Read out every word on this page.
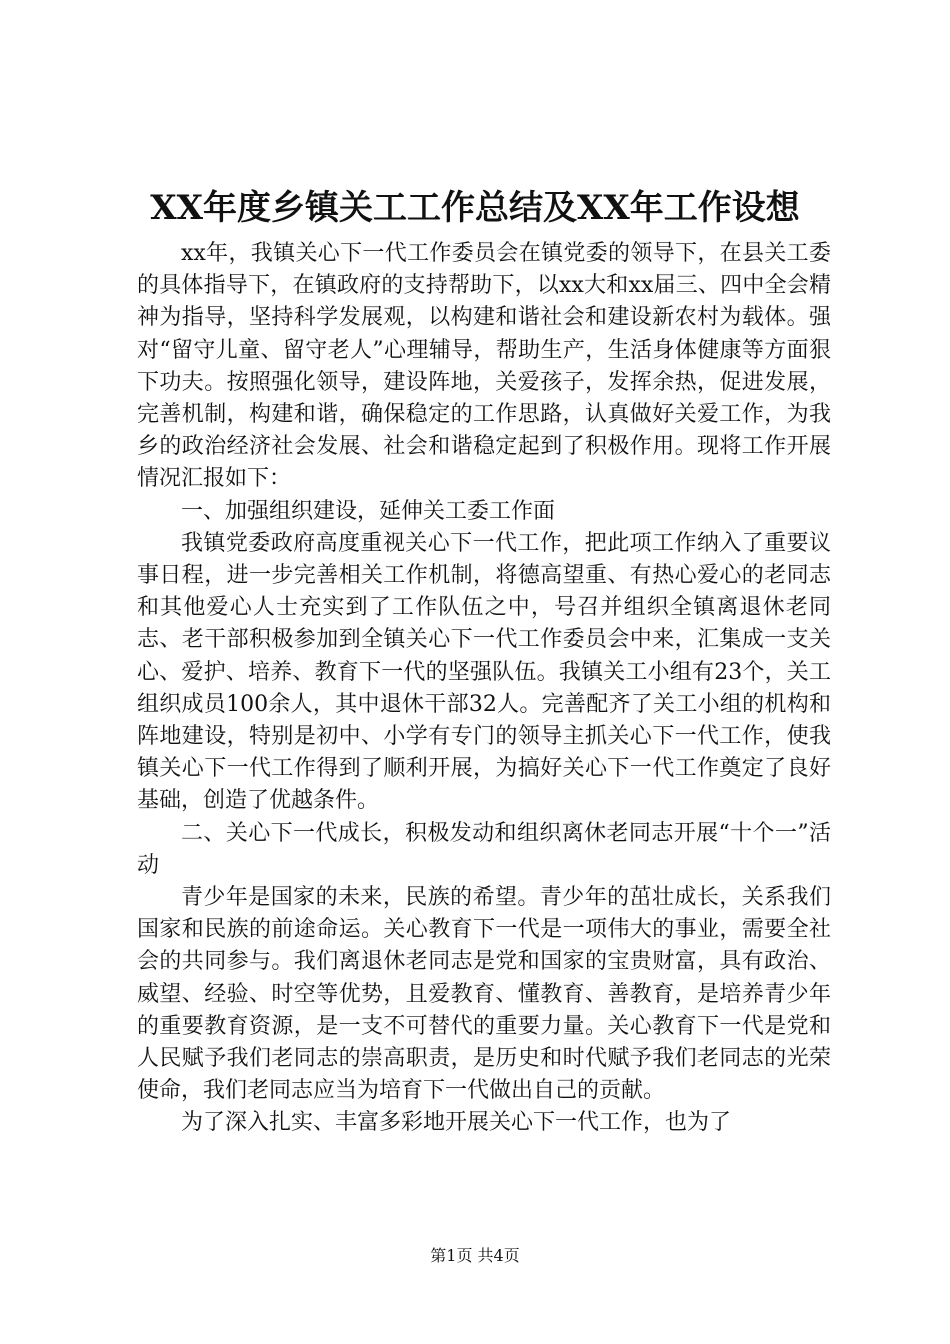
XX年度乡镇关工工作总结及XX年工作设想

xx年，我镇关心下一代工作委员会在镇党委的领导下，在县关工委的具体指导下，在镇政府的支持帮助下，以xx大和xx届三、四中全会精神为指导，坚持科学发展观，以构建和谐社会和建设新农村为载体。强对“留守儿童、留守老人”心理辅导，帮助生产，生活身体健康等方面狠下功夫。按照强化领导，建设阵地，关爱孩子，发挥余热，促进发展，完善机制，构建和谐，确保稳定的工作思路，认真做好关爱工作，为我乡的政治经济社会发展、社会和谐稳定起到了积极作用。现将工作开展情况汇报如下：

一、加强组织建设，延伸关工委工作面

我镇党委政府高度重视关心下一代工作，把此项工作纳入了重要议事日程，进一步完善相关工作机制，将德高望重、有热心爱心的老同志和其他爱心人士充实到了工作队伍之中，号召并组织全镇离退休老同志、老干部积极参加到全镇关心下一代工作委员会中来，汇集成一支关心、爱护、培养、教育下一代的坚强队伍。我镇关工小组有23个，关工组织成员100余人，其中退休干部32人。完善配齐了关工小组的机构和阵地建设，特别是初中、小学有专门的领导主抓关心下一代工作，使我镇关心下一代工作得到了顺利开展，为搞好关心下一代工作奠定了良好基础，创造了优越条件。

二、关心下一代成长，积极发动和组织离休老同志开展“十个一”活动

青少年是国家的未来，民族的希望。青少年的茁壮成长，关系我们国家和民族的前途命运。关心教育下一代是一项伟大的事业，需要全社会的共同参与。我们离退休老同志是党和国家的宝贵财富，具有政治、威望、经验、时空等优势，且爱教育、懂教育、善教育，是培养青少年的重要教育资源，是一支不可替代的重要力量。关心教育下一代是党和人民赋予我们老同志的崇高职责，是历史和时代赋予我们老同志的光荣使命，我们老同志应当为培育下一代做出自己的贡献。

为了深入扎实、丰富多彩地开展关心下一代工作，也为了

第1页 共4页
